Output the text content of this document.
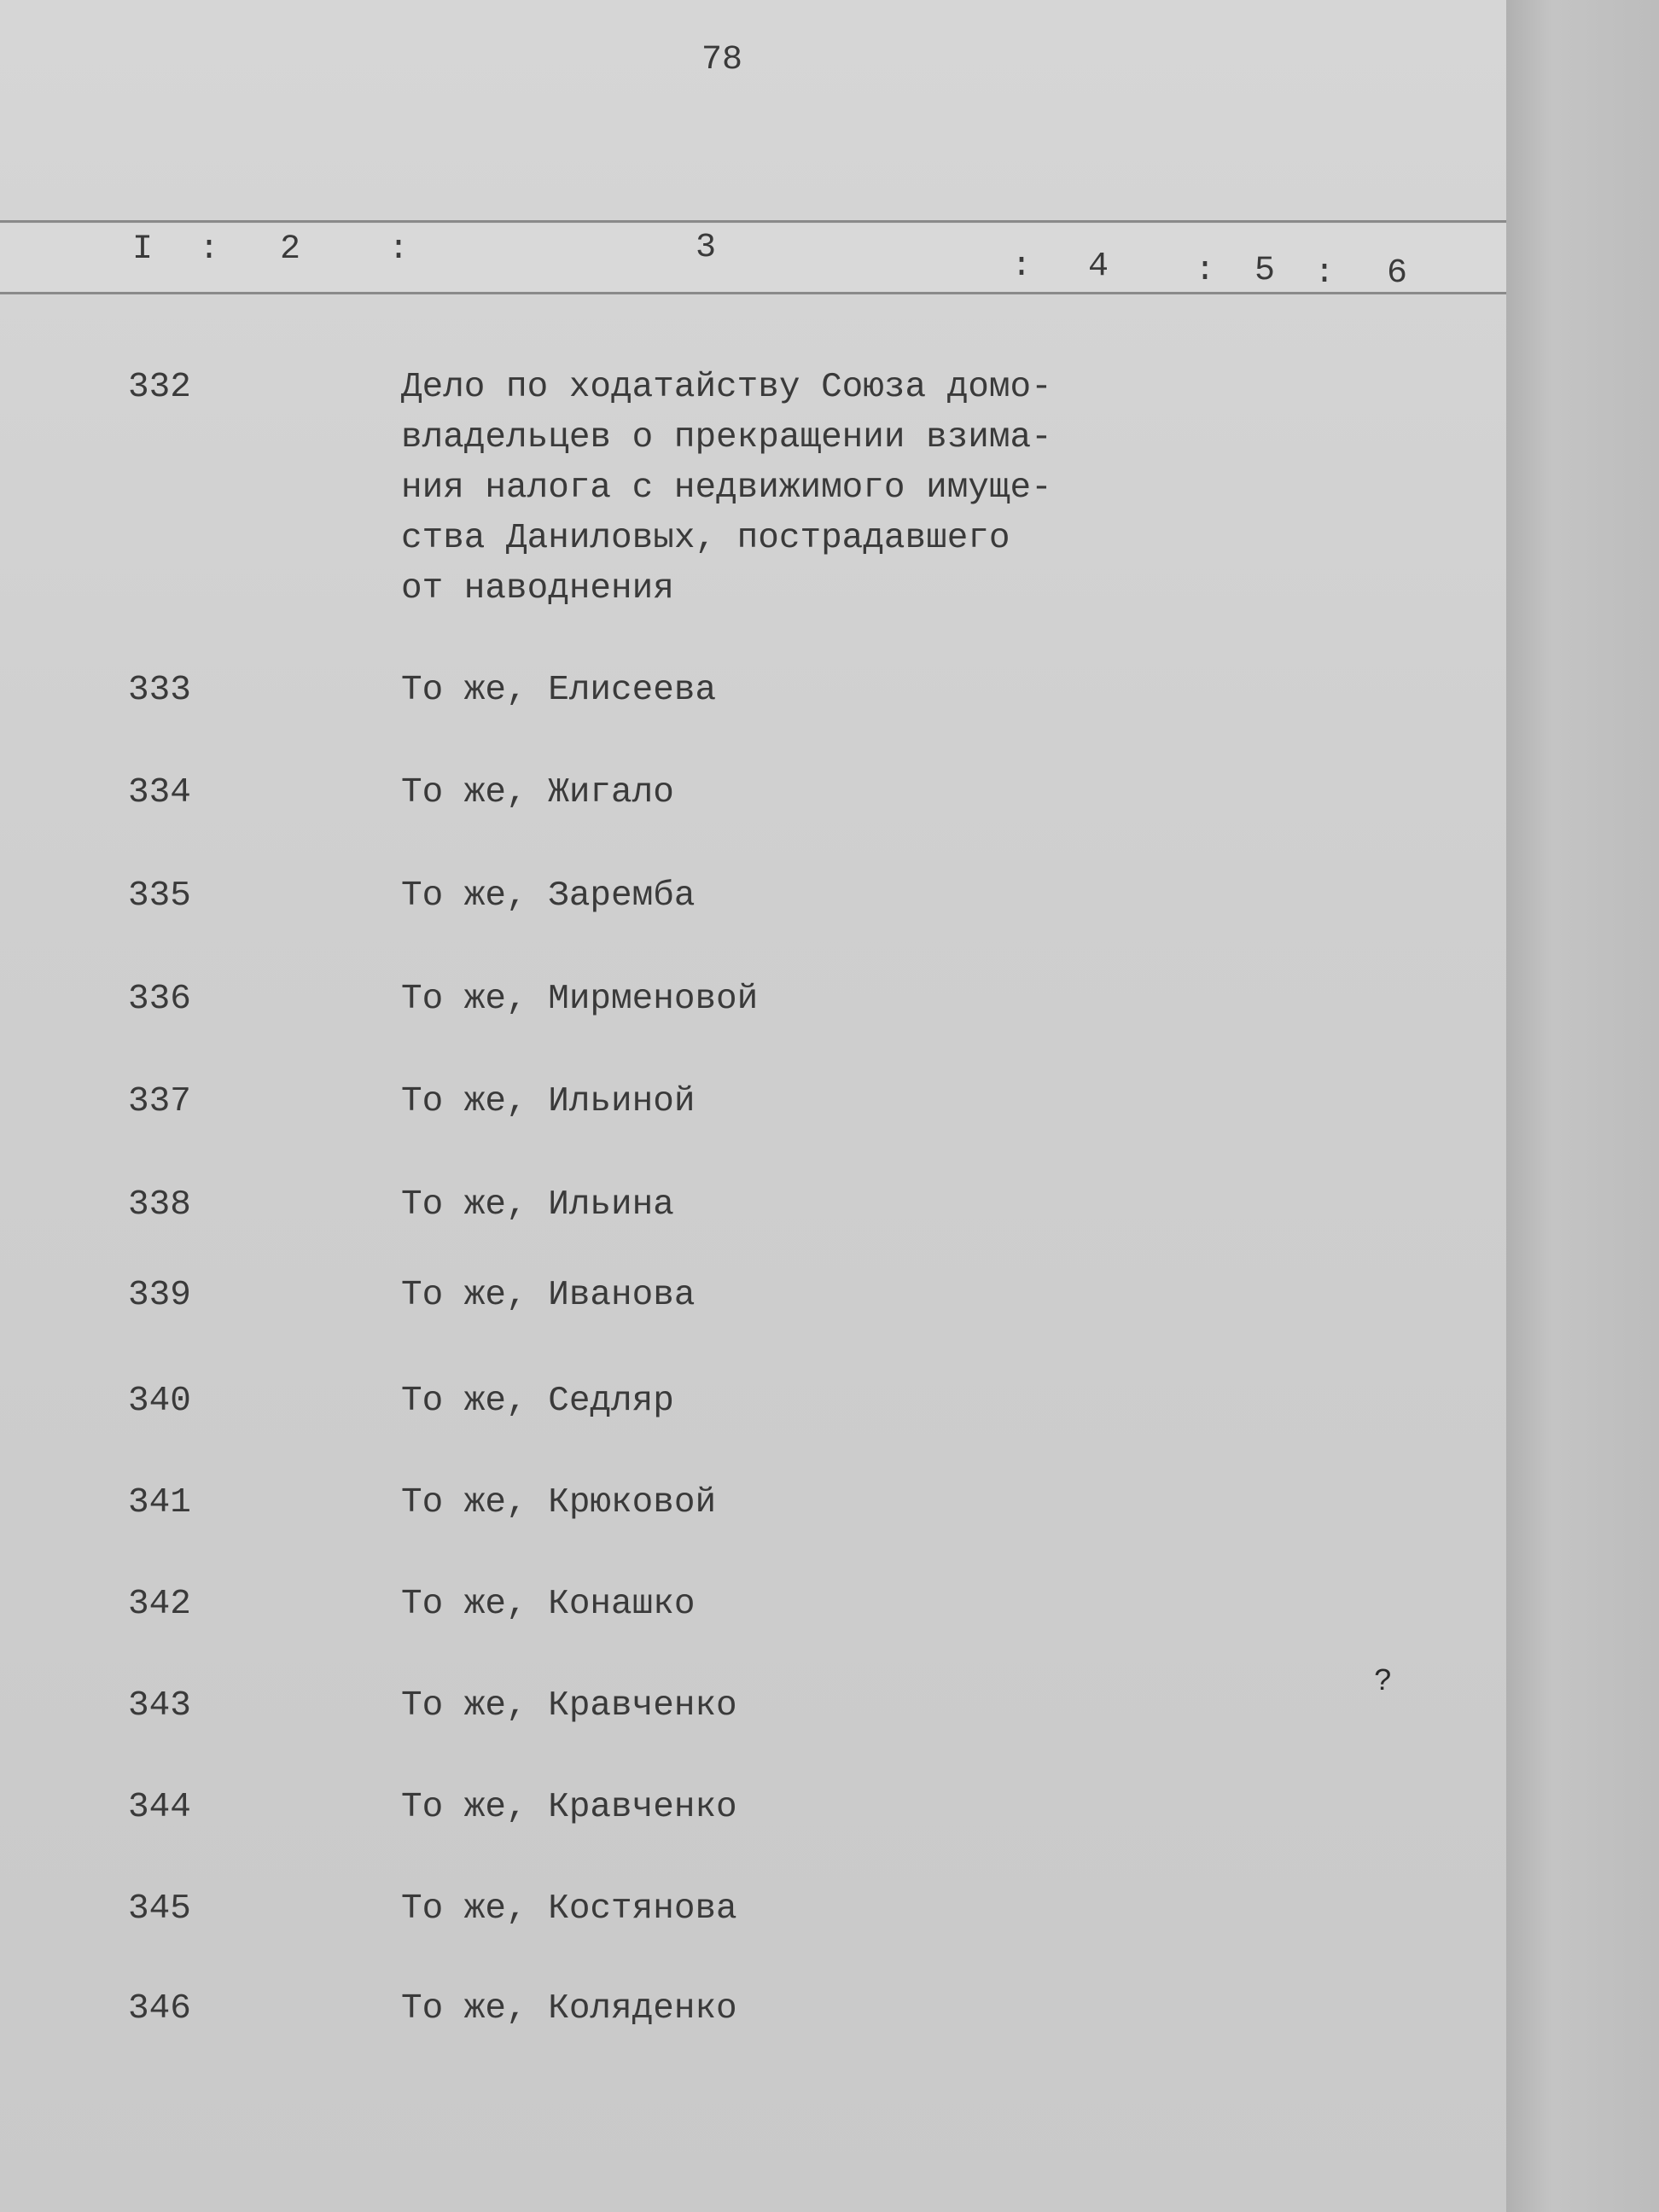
78
I : 2	:	3	: 4	: 5 : 6
332	Дело по ходатайству Союза домо-
владельцев о прекращении взима-
ния налога с недвижимого имуще-
ства Даниловых, пострадавшего
от наводнения
333	То же, Елисеева
334	То же, Жигало
335	То же, Заремба
336	То же, Мирменовой
337	То же, Ильиной
338	То же, Ильина
339	То же, Иванова
340	То же, Седляр
341	То же, Крюковой
342	То же, Конашко
343	То же, Кравченко
344	То же, Кравченко
345	То же, Костянова
346	То же, Коляденко
?
